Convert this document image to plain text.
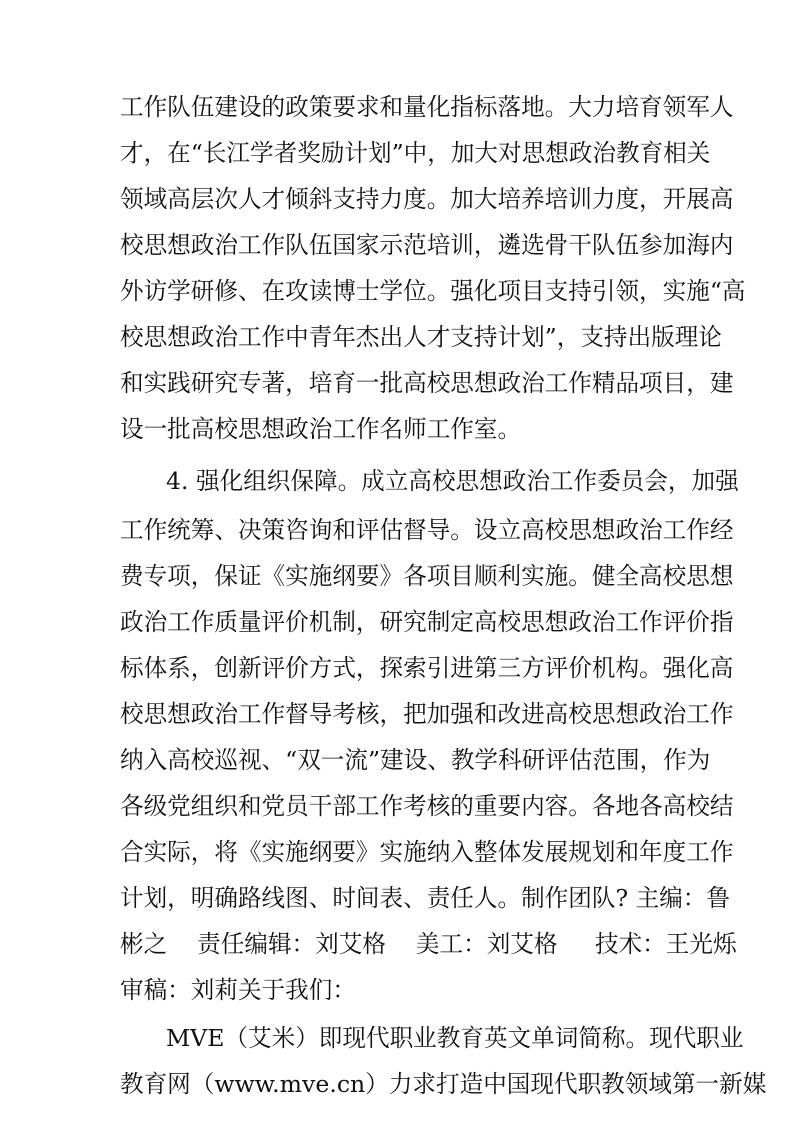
工作队伍建设的政策要求和量化指标落地。大力培育领军人
才，在“长江学者奖励计划”中，加大对思想政治教育相关
领域高层次人才倾斜支持力度。加大培养培训力度，开展高
校思想政治工作队伍国家示范培训，遴选骨干队伍参加海内
外访学研修、在攻读博士学位。强化项目支持引领，实施“高
校思想政治工作中青年杰出人才支持计划”，支持出版理论
和实践研究专著，培育一批高校思想政治工作精品项目，建
设一批高校思想政治工作名师工作室。
4. 强化组织保障。成立高校思想政治工作委员会，加强
工作统筹、决策咨询和评估督导。设立高校思想政治工作经
费专项，保证《实施纲要》各项目顺利实施。健全高校思想
政治工作质量评价机制，研究制定高校思想政治工作评价指
标体系，创新评价方式，探索引进第三方评价机构。强化高
校思想政治工作督导考核，把加强和改进高校思想政治工作
纳入高校巡视、“双一流”建设、教学科研评估范围，作为
各级党组织和党员干部工作考核的重要内容。各地各高校结
合实际，将《实施纲要》实施纳入整体发展规划和年度工作
计划，明确路线图、时间表、责任人。制作团队? 主编：鲁
彬之    责任编辑：刘艾格    美工：刘艾格     技术：王光烁
审稿：刘莉关于我们：
MVE（艾米）即现代职业教育英文单词简称。现代职业
教育网（www.mve.cn）力求打造中国现代职教领域第一新媒
